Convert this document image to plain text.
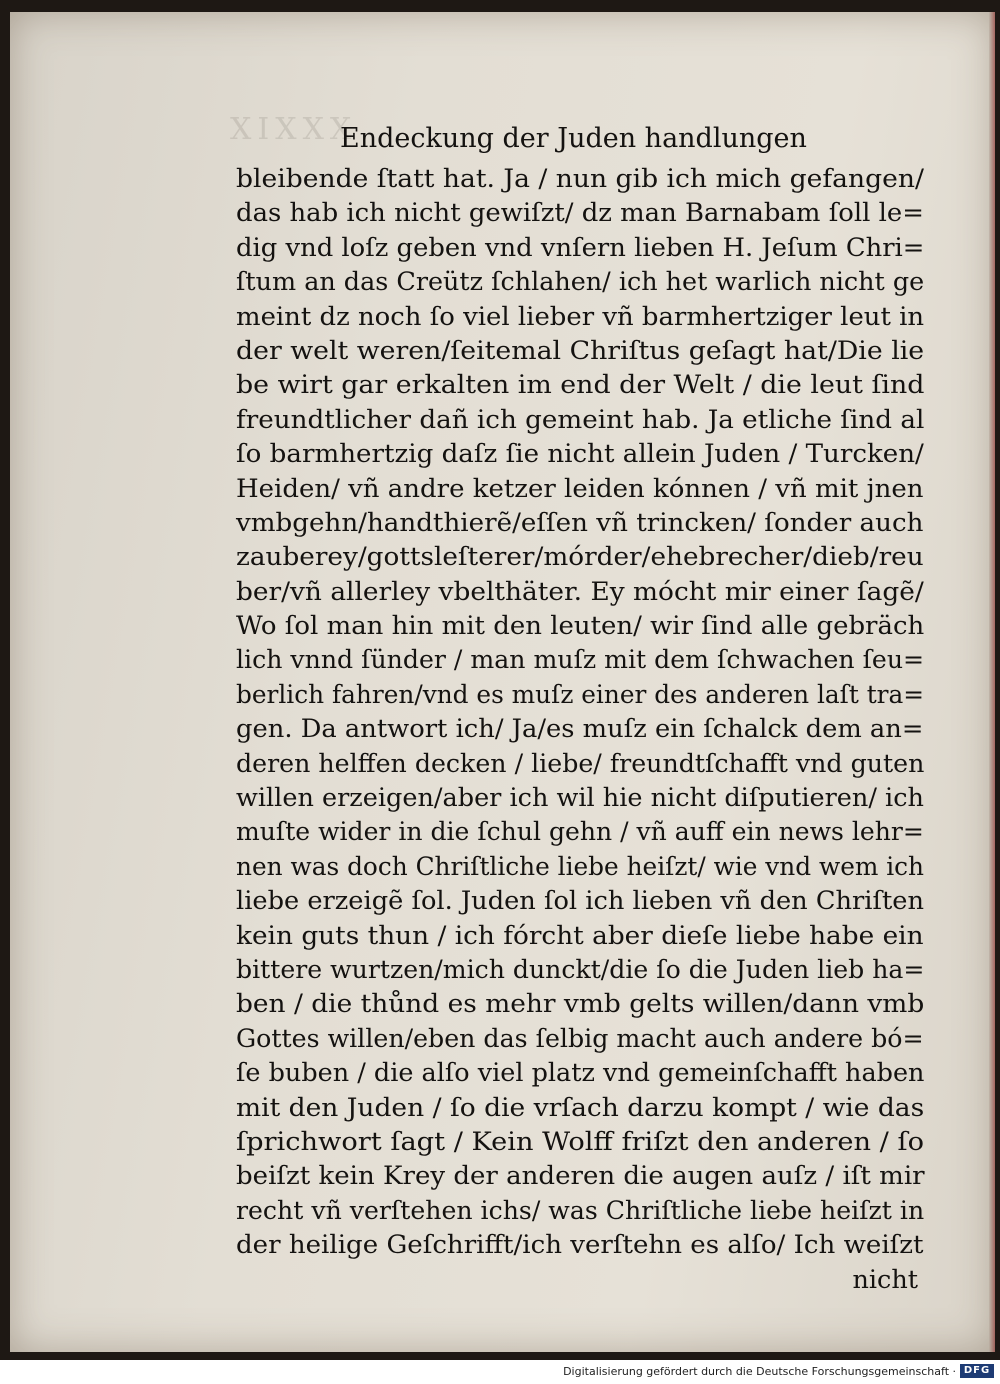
XIXXX
Endeckung der Juden handlungen
bleibende ſtatt hat. Ja / nun gib ich mich gefangen/
das hab ich nicht gewiſzt/ dz man Barnabam ſoll le=
dig vnd loſz geben vnd vnſern lieben H. Jeſum Chri=
ſtum an das Creütz ſchlahen/ ich het warlich nicht ge
meint dz noch ſo viel lieber vñ barmhertziger leut in
der welt weren/ſeitemal Chriſtus geſagt hat/Die lie
be wirt gar erkalten im end der Welt / die leut ſind
freundtlicher dañ ich gemeint hab. Ja etliche ſind al
ſo barmhertzig daſz ſie nicht allein Juden / Turcken/
Heiden/ vñ andre ketzer leiden kónnen / vñ mit jnen
vmbgehn/handthierẽ/eſſen vñ trincken/ ſonder auch
zauberey/gottsleſterer/mórder/ehebrecher/dieb/reu
ber/vñ allerley vbelthäter. Ey mócht mir einer ſagẽ/
Wo ſol man hin mit den leuten/ wir ſind alle gebräch
lich vnnd ſünder / man muſz mit dem ſchwachen ſeu=
berlich fahren/vnd es muſz einer des anderen laſt tra=
gen. Da antwort ich/ Ja/es muſz ein ſchalck dem an=
deren helffen decken / liebe/ freundtſchafft vnd guten
willen erzeigen/aber ich wil hie nicht diſputieren/ ich
muſte wider in die ſchul gehn / vñ auff ein news lehr=
nen was doch Chriſtliche liebe heiſzt/ wie vnd wem ich
liebe erzeigẽ ſol. Juden ſol ich lieben vñ den Chriſten
kein guts thun / ich fórcht aber dieſe liebe habe ein
bittere wurtzen/mich dunckt/die ſo die Juden lieb ha=
ben / die thůnd es mehr vmb gelts willen/dann vmb
Gottes willen/eben das ſelbig macht auch andere bó=
ſe buben / die alſo viel platz vnd gemeinſchafft haben
mit den Juden / ſo die vrſach darzu kompt / wie das
ſprichwort ſagt / Kein Wolff friſzt den anderen / ſo
beiſzt kein Krey der anderen die augen auſz / iſt mir
recht vñ verſtehen ichs/ was Chriſtliche liebe heiſzt in
der heilige Geſchrifft/ich verſtehn es alſo/ Ich weiſzt
nicht
Digitalisierung gefördert durch die Deutsche Forschungsgemeinschaft · DFG
